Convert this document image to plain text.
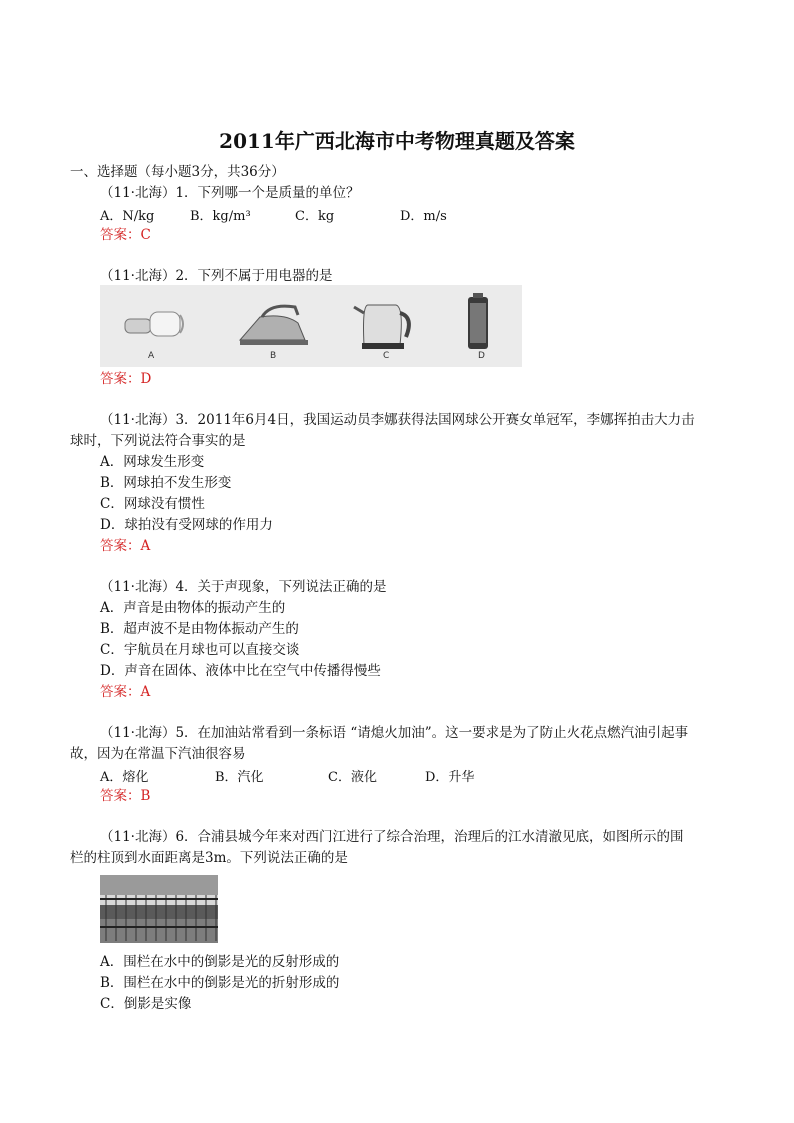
2011年广西北海市中考物理真题及答案
一、选择题（每小题3分，共36分）
（11·北海）1．下列哪一个是质量的单位？
A．N/kg	B．kg/m³	C．kg	D．m/s
答案：C
（11·北海）2．下列不属于用电器的是
A	B	C	D
答案：D
（11·北海）3．2011年6月4日，我国运动员李娜获得法国网球公开赛女单冠军，李娜挥拍击大力击
球时，下列说法符合事实的是
A．网球发生形变
B．网球拍不发生形变
C．网球没有惯性
D．球拍没有受网球的作用力
答案：A
（11·北海）4．关于声现象，下列说法正确的是
A．声音是由物体的振动产生的
B．超声波不是由物体振动产生的
C．宇航员在月球也可以直接交谈
D．声音在固体、液体中比在空气中传播得慢些
答案：A
（11·北海）5．在加油站常看到一条标语 “请熄火加油”。这一要求是为了防止火花点燃汽油引起事
故，因为在常温下汽油很容易
A．熔化	B．汽化	C．液化	D．升华
答案：B
（11·北海）6．合浦县城今年来对西门江进行了综合治理，治理后的江水清澈见底，如图所示的围
栏的柱顶到水面距离是3m。下列说法正确的是
A．围栏在水中的倒影是光的反射形成的
B．围栏在水中的倒影是光的折射形成的
C．倒影是实像
